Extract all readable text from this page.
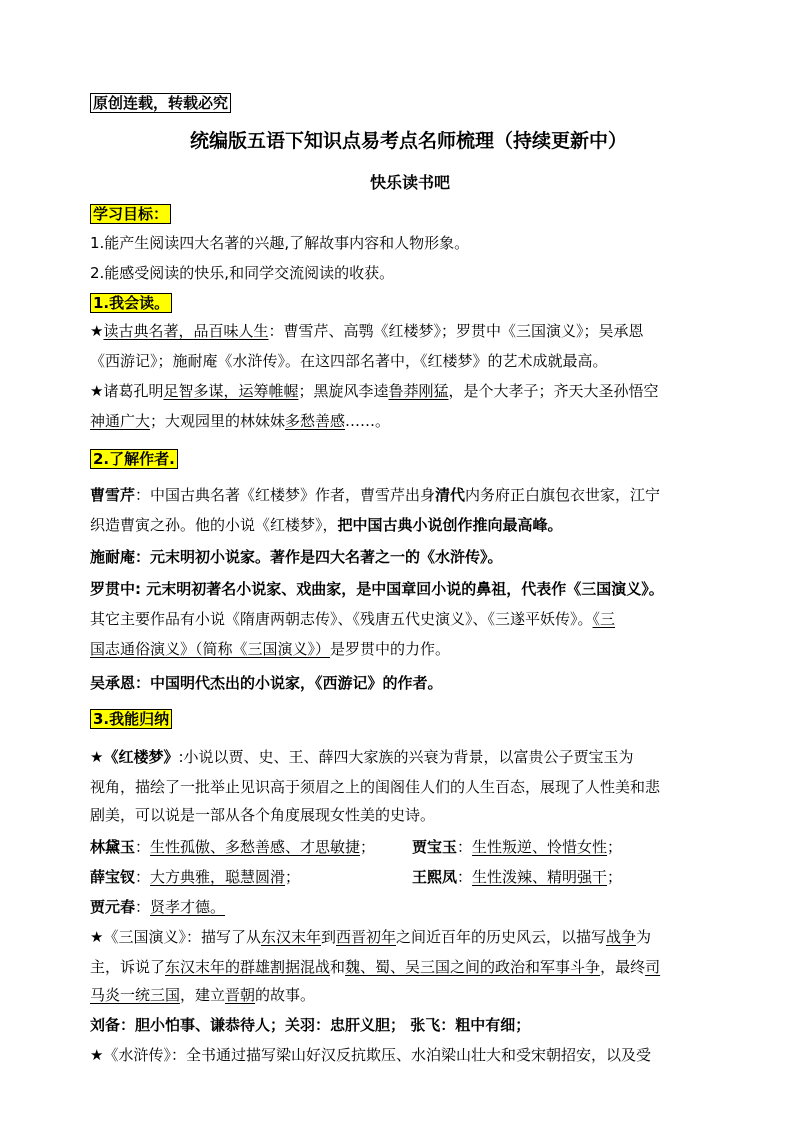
原创连载，转载必究
统编版五语下知识点易考点名师梳理（持续更新中）
快乐读书吧
学习目标：
1.能产生阅读四大名著的兴趣,了解故事内容和人物形象。
2.能感受阅读的快乐,和同学交流阅读的收获。
1.我会读。
★读古典名著，品百味人生：曹雪芹、高鹗《红楼梦》；罗贯中《三国演义》；吴承恩
《西游记》；施耐庵《水浒传》。在这四部名著中，《红楼梦》的艺术成就最高。
★诸葛孔明足智多谋，运筹帷幄；黑旋风李逵鲁莽刚猛，是个大孝子；齐天大圣孙悟空
神通广大；大观园里的林妹妹多愁善感……。
2.了解作者.
曹雪芹：中国古典名著《红楼梦》作者，曹雪芹出身清代内务府正白旗包衣世家，江宁
织造曹寅之孙。他的小说《红楼梦》，把中国古典小说创作推向最高峰。
施耐庵：元末明初小说家。著作是四大名著之一的《水浒传》。
罗贯中: 元末明初著名小说家、戏曲家，是中国章回小说的鼻祖，代表作《三国演义》。
其它主要作品有小说《隋唐两朝志传》、《残唐五代史演义》、《三遂平妖传》。《三
国志通俗演义》（简称《三国演义》）是罗贯中的力作。
吴承恩：中国明代杰出的小说家，《西游记》的作者。
3.我能归纳
★《红楼梦》:小说以贾、史、王、薛四大家族的兴衰为背景，以富贵公子贾宝玉为
视角，描绘了一批举止见识高于须眉之上的闺阁佳人们的人生百态，展现了人性美和悲
剧美，可以说是一部从各个角度展现女性美的史诗。
林黛玉：生性孤傲、多愁善感、才思敏捷； 贾宝玉：生性叛逆、怜惜女性；
薛宝钗：大方典雅，聪慧圆滑；	王熙凤：生性泼辣、精明强干；
贾元春：贤孝才德。
★《三国演义》：描写了从东汉末年到西晋初年之间近百年的历史风云，以描写战争为
主，诉说了东汉末年的群雄割据混战和魏、蜀、吴三国之间的政治和军事斗争，最终司
马炎一统三国，建立晋朝的故事。
刘备：胆小怕事、谦恭待人；关羽：忠肝义胆； 张飞：粗中有细；
★《水浒传》：全书通过描写梁山好汉反抗欺压、水泊梁山壮大和受宋朝招安，以及受
